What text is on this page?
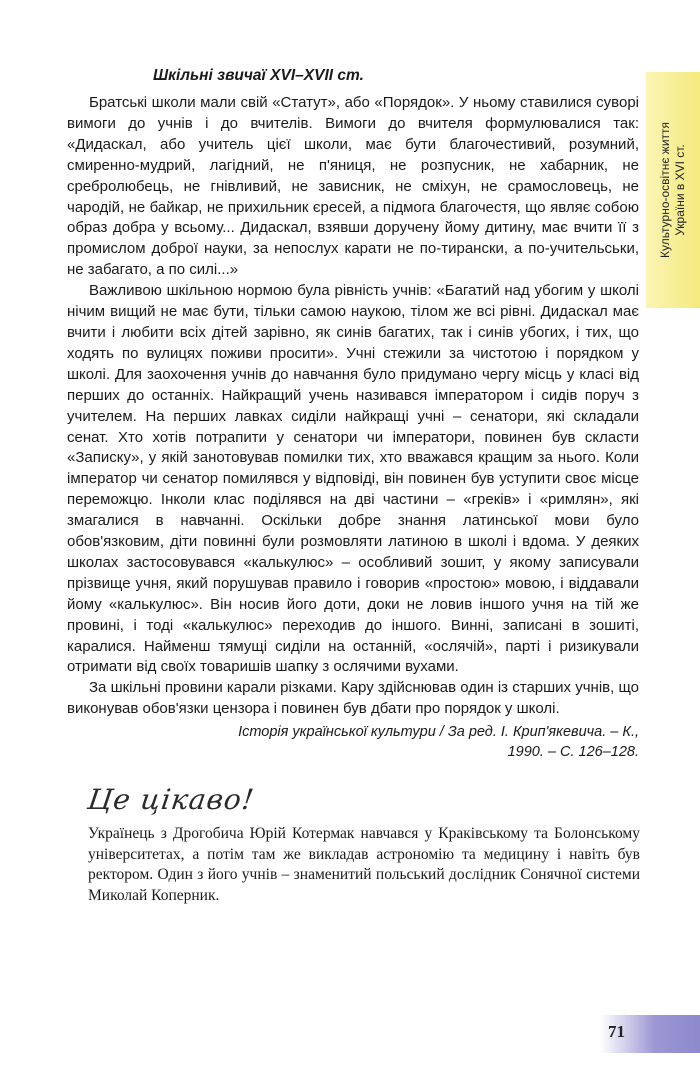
Культурно-освітнє життя України в XVІ ст.
Шкільні звичаї XVI–XVII ст.

Братські школи мали свій «Статут», або «Порядок». У ньому ставилися суворі вимоги до учнів і до вчителів. Вимоги до вчителя формулювалися так: «Дидаскал, або учитель цієї школи, має бути благочестивий, розумний, смиренно-мудрий, лагідний, не п'яниця, не розпусник, не хабарник, не сребролюбець, не гнівливий, не зависник, не сміхун, не срамословець, не чародій, не байкар, не прихильник єресей, а підмога благочестя, що являє собою образ добра у всьому... Дидаскал, взявши доручену йому дитину, має вчити її з промислом доброї науки, за непослух карати не по-тирански, а по-учительськи, не забагато, а по силі...»

Важливою шкільною нормою була рівність учнів: «Багатий над убогим у школі нічим вищий не має бути, тільки самою наукою, тілом же всі рівні. Дидаскал має вчити і любити всіх дітей зарівно, як синів багатих, так і синів убогих, і тих, що ходять по вулицях поживи просити». Учні стежили за чистотою і порядком у школі. Для заохочення учнів до навчання було придумано чергу місць у класі від перших до останніх. Найкращий учень називався імператором і сидів поруч з учителем. На перших лавках сиділи найкращі учні – сенатори, які складали сенат. Хто хотів потрапити у сенатори чи імператори, повинен був скласти «Записку», у якій занотовував помилки тих, хто вважався кращим за нього. Коли імператор чи сенатор помилявся у відповіді, він повинен був уступити своє місце переможцю. Інколи клас поділявся на дві частини – «греків» і «римлян», які змагалися в навчанні. Оскільки добре знання латинської мови було обов'язковим, діти повинні були розмовляти латиною в школі і вдома. У деяких школах застосовувався «калькулюс» – особливий зошит, у якому записували прізвище учня, який порушував правило і говорив «простою» мовою, і віддавали йому «калькулюс». Він носив його доти, доки не ловив іншого учня на тій же провині, і тоді «калькулюс» переходив до іншого. Винні, записані в зошиті, каралися. Найменш тямущі сиділи на останній, «ослячій», парті і ризикували отримати від своїх товаришів шапку з ослячими вухами.

За шкільні провини карали різками. Кару здійснював один із старших учнів, що виконував обов'язки цензора і повинен був дбати про порядок у школі.

Історія української культури / За ред. І. Крип'якевича. – К.,
1990. – С. 126–128.
Це цікаво!

Українець з Дрогобича Юрій Котермак навчався у Краківському та Болонському університетах, а потім там же викладав астрономію та медицину і навіть був ректором. Один з його учнів – знаменитий польський дослідник Сонячної системи Миколай Коперник.

71
